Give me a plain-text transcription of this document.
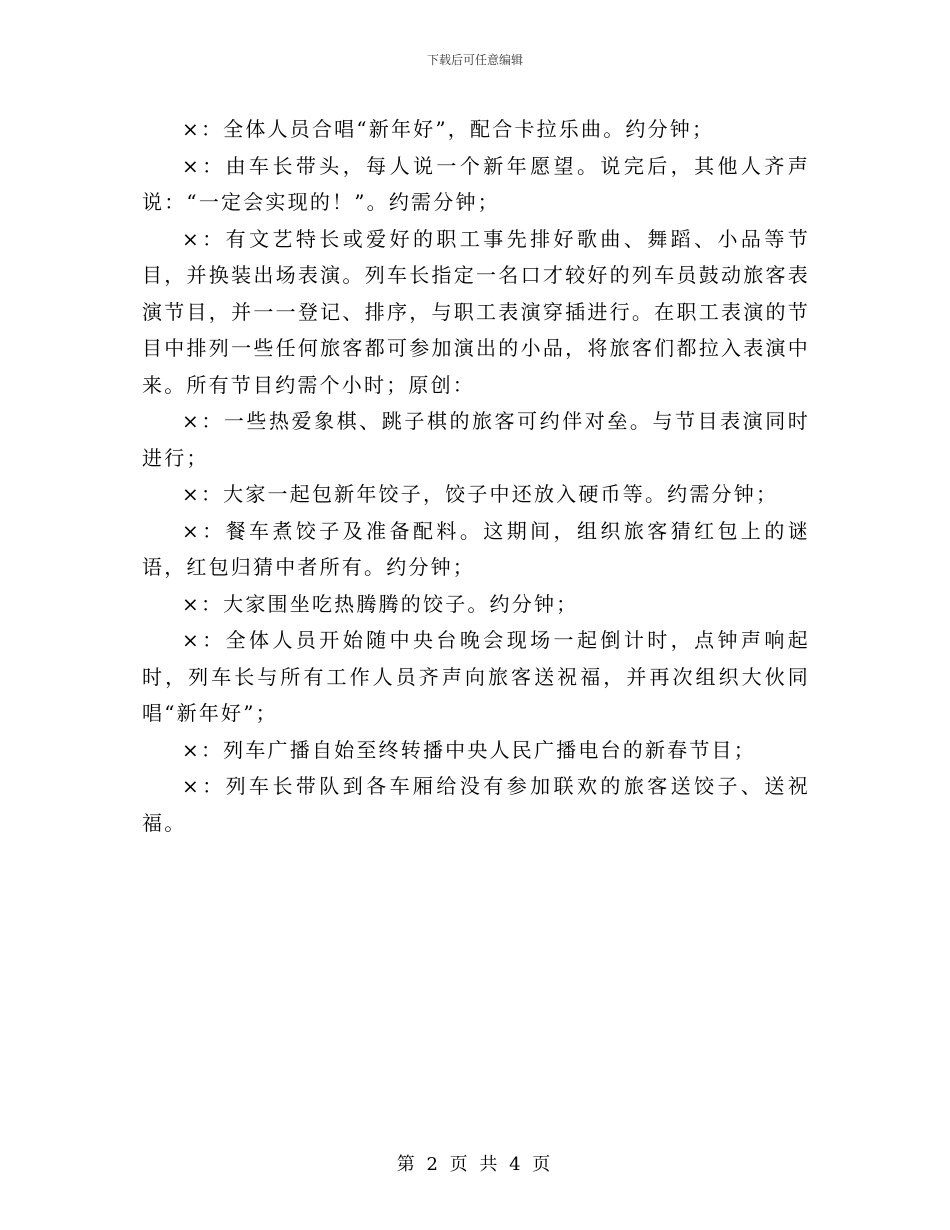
下载后可任意编辑

×：全体人员合唱“新年好”，配合卡拉乐曲。约分钟；

×：由车长带头，每人说一个新年愿望。说完后，其他人齐声说：“一定会实现的！”。约需分钟；

×：有文艺特长或爱好的职工事先排好歌曲、舞蹈、小品等节目，并换装出场表演。列车长指定一名口才较好的列车员鼓动旅客表演节目，并一一登记、排序，与职工表演穿插进行。在职工表演的节目中排列一些任何旅客都可参加演出的小品，将旅客们都拉入表演中来。所有节目约需个小时；原创：

×：一些热爱象棋、跳子棋的旅客可约伴对垒。与节目表演同时进行；

×：大家一起包新年饺子，饺子中还放入硬币等。约需分钟；

×：餐车煮饺子及准备配料。这期间，组织旅客猜红包上的谜语，红包归猜中者所有。约分钟；

×：大家围坐吃热腾腾的饺子。约分钟；

×：全体人员开始随中央台晚会现场一起倒计时，点钟声响起时，列车长与所有工作人员齐声向旅客送祝福，并再次组织大伙同唱“新年好”；

×：列车广播自始至终转播中央人民广播电台的新春节目；

×：列车长带队到各车厢给没有参加联欢的旅客送饺子、送祝福。

第 2 页 共 4 页
